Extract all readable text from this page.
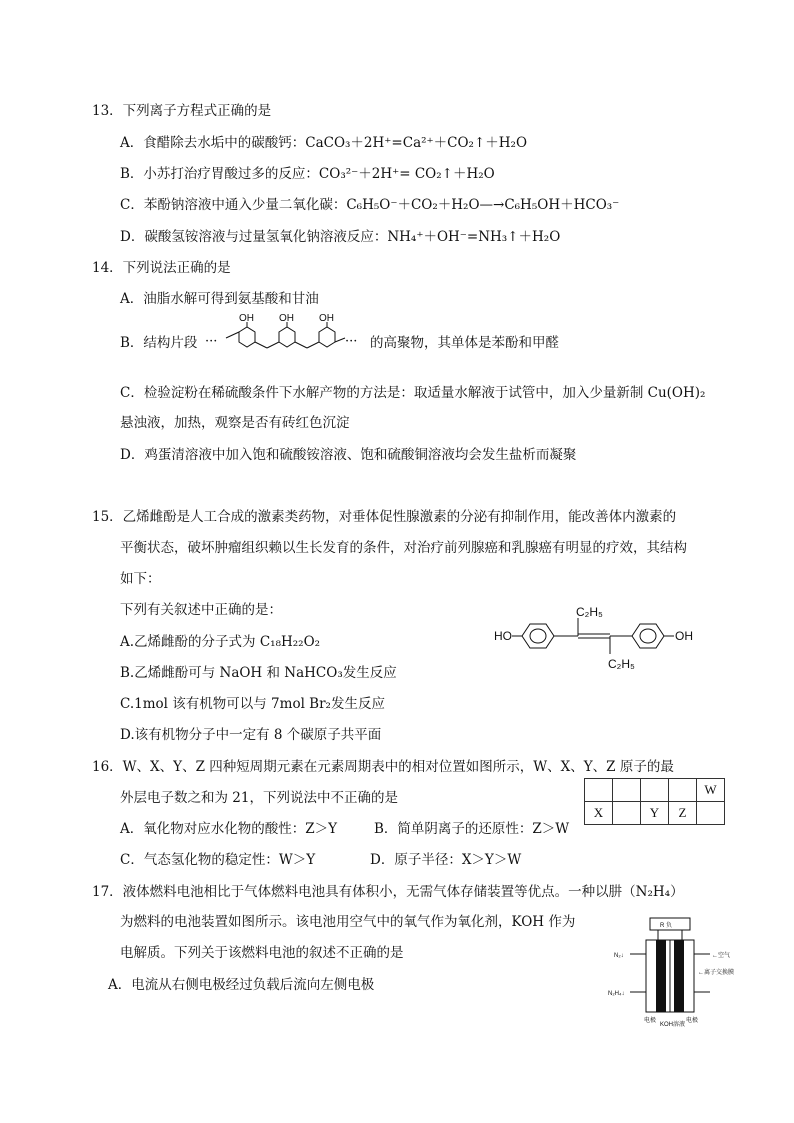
13．下列离子方程式正确的是
A．食醋除去水垢中的碳酸钙：CaCO₃＋2H⁺=Ca²⁺＋CO₂↑＋H₂O
B．小苏打治疗胃酸过多的反应：CO₃²⁻＋2H⁺= CO₂↑＋H₂O
C．苯酚钠溶液中通入少量二氧化碳：C₆H₅O⁻＋CO₂＋H₂O—→C₆H₅OH＋HCO₃⁻
D．碳酸氢铵溶液与过量氢氧化钠溶液反应：NH₄⁺＋OH⁻=NH₃↑＋H₂O
14．下列说法正确的是
A．油脂水解可得到氨基酸和甘油
B．结构片段 ···	···
OH	OH	OH
的高聚物，其单体是苯酚和甲醛
C．检验淀粉在稀硫酸条件下水解产物的方法是：取适量水解液于试管中，加入少量新制 Cu(OH)₂
悬浊液，加热，观察是否有砖红色沉淀
D．鸡蛋清溶液中加入饱和硫酸铵溶液、饱和硫酸铜溶液均会发生盐析而凝聚
15．乙烯雌酚是人工合成的激素类药物，对垂体促性腺激素的分泌有抑制作用，能改善体内激素的
平衡状态，破坏肿瘤组织赖以生长发育的条件，对治疗前列腺癌和乳腺癌有明显的疗效，其结构
如下：
下列有关叙述中正确的是：
A.乙烯雌酚的分子式为 C₁₈H₂₂O₂
B.乙烯雌酚可与 NaOH 和 NaHCO₃发生反应
C.1mol 该有机物可以与 7mol Br₂发生反应
D.该有机物分子中一定有 8 个碳原子共平面
HO	OH
C₂H₅
C₂H₅
16．W、X、Y、Z 四种短周期元素在元素周期表中的相对位置如图所示，W、X、Y、Z 原子的最
外层电子数之和为 21，下列说法中不正确的是
A．氧化物对应水化物的酸性：Z＞Y	B．简单阴离子的还原性：Z＞W
C．气态氢化物的稳定性：W＞Y	D．原子半径：X＞Y＞W
				W
X		Y	Z	
17．液体燃料电池相比于气体燃料电池具有体积小，无需气体存储装置等优点。一种以肼（N₂H₄）
为燃料的电池装置如图所示。该电池用空气中的氧气作为氧化剂，KOH 作为
电解质。下列关于该燃料电池的叙述不正确的是
A．电流从右侧电极经过负载后流向左侧电极
R 负
N₂↓	←空气
←离子交换膜
N₂H₄↓
电极
KOH溶液
电极
